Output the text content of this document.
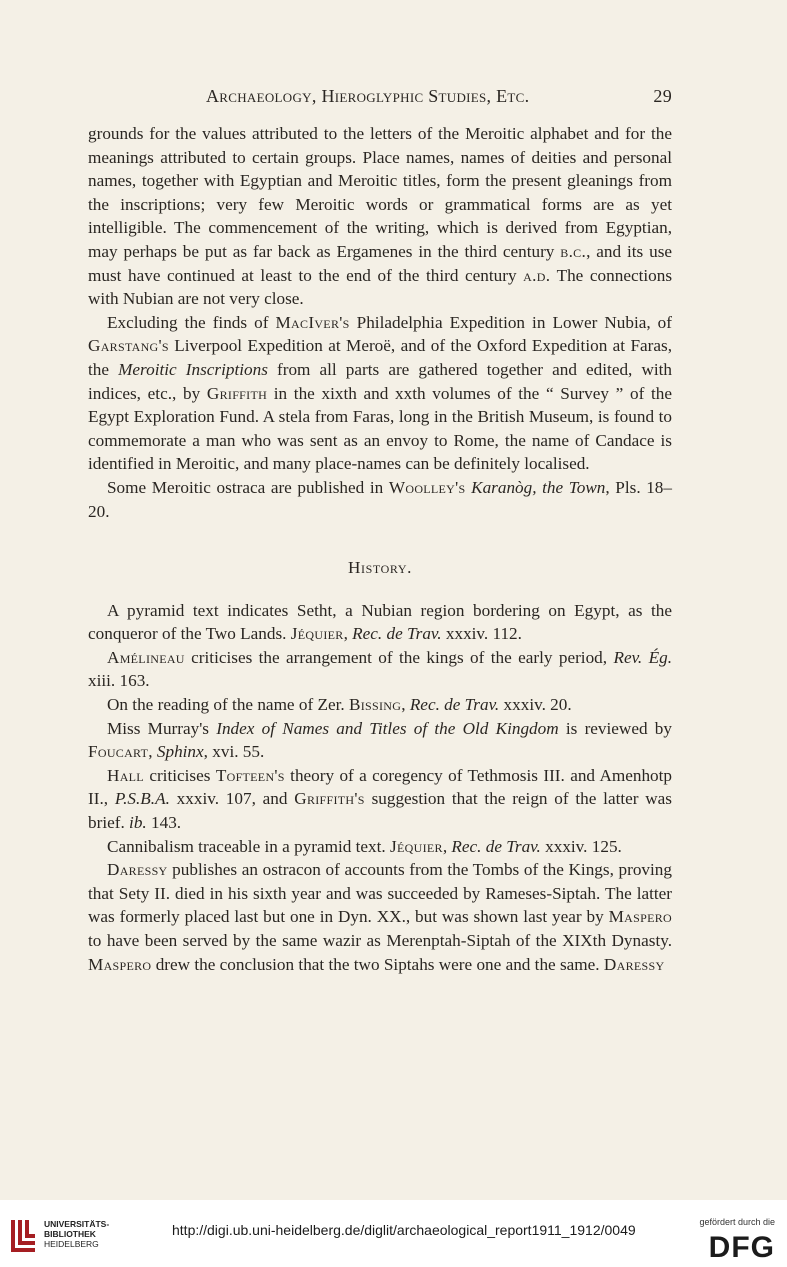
Archaeology, Hieroglyphic Studies, Etc.	29

grounds for the values attributed to the letters of the Meroitic alphabet and for the meanings attributed to certain groups. Place names, names of deities and personal names, together with Egyptian and Meroitic titles, form the present gleanings from the inscriptions; very few Meroitic words or grammatical forms are as yet intelligible. The commencement of the writing, which is derived from Egyptian, may perhaps be put as far back as Ergamenes in the third century b.c., and its use must have continued at least to the end of the third century a.d. The connections with Nubian are not very close.

Excluding the finds of MacIver's Philadelphia Expedition in Lower Nubia, of Garstang's Liverpool Expedition at Meroë, and of the Oxford Expedition at Faras, the Meroitic Inscriptions from all parts are gathered together and edited, with indices, etc., by Griffith in the xixth and xxth volumes of the “ Survey ” of the Egypt Exploration Fund. A stela from Faras, long in the British Museum, is found to commemorate a man who was sent as an envoy to Rome, the name of Candace is identified in Meroitic, and many place-names can be definitely localised.

Some Meroitic ostraca are published in Woolley's Karanòg, the Town, Pls. 18–20.

History.

A pyramid text indicates Setht, a Nubian region bordering on Egypt, as the conqueror of the Two Lands. Jéquier, Rec. de Trav. xxxiv. 112.

Amélineau criticises the arrangement of the kings of the early period, Rev. Ég. xiii. 163.

On the reading of the name of Zer. Bissing, Rec. de Trav. xxxiv. 20.

Miss Murray's Index of Names and Titles of the Old Kingdom is reviewed by Foucart, Sphinx, xvi. 55.

Hall criticises Tofteen's theory of a coregency of Tethmosis III. and Amenhotp II., P.S.B.A. xxxiv. 107, and Griffith's suggestion that the reign of the latter was brief. ib. 143.

Cannibalism traceable in a pyramid text. Jéquier, Rec. de Trav. xxxiv. 125.

Daressy publishes an ostracon of accounts from the Tombs of the Kings, proving that Sety II. died in his sixth year and was succeeded by Rameses-Siptah. The latter was formerly placed last but one in Dyn. XX., but was shown last year by Maspero to have been served by the same wazir as Merenptah-Siptah of the XIXth Dynasty. Maspero drew the conclusion that the two Siptahs were one and the same. Daressy

UNIVERSITÄTS-
BIBLIOTHEK
HEIDELBERG
http://digi.ub.uni-heidelberg.de/diglit/archaeological_report1911_1912/0049	gefördert durch die
DFG
